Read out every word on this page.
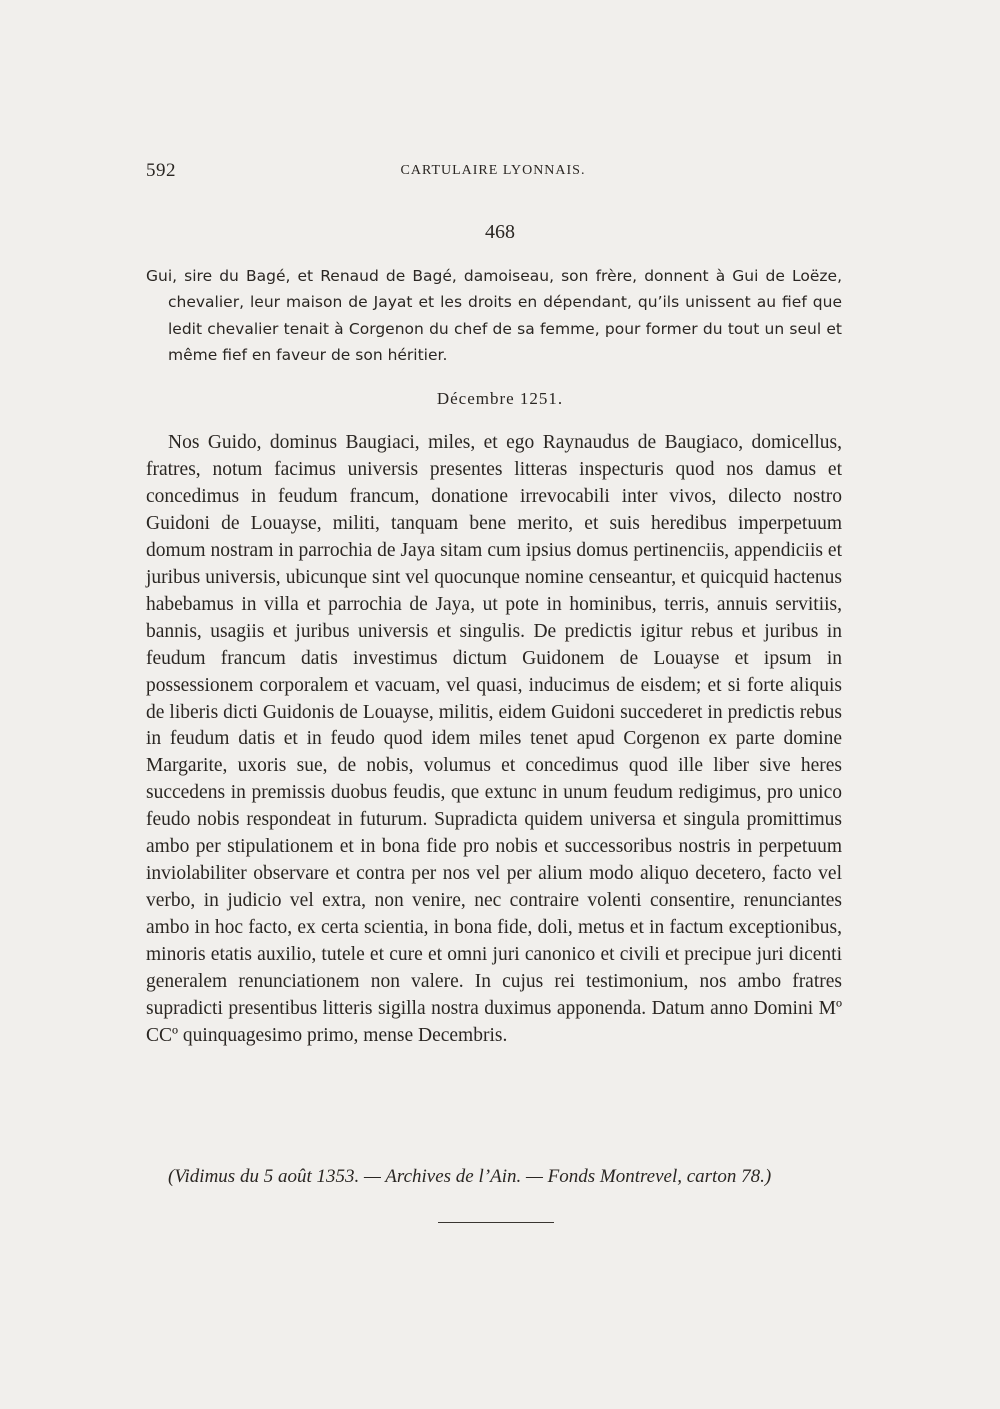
592	CARTULAIRE LYONNAIS.
468

Gui, sire du Bagé, et Renaud de Bagé, damoiseau, son frère, donnent à Gui de Loëze, chevalier, leur maison de Jayat et les droits en dépendant, qu’ils unissent au fief que ledit chevalier tenait à Corgenon du chef de sa femme, pour former du tout un seul et même fief en faveur de son héritier.

Décembre 1251.

Nos Guido, dominus Baugiaci, miles, et ego Raynaudus de Baugiaco, domicellus, fratres, notum facimus universis presentes litteras inspecturis quod nos damus et concedimus in feudum francum, donatione irrevocabili inter vivos, dilecto nostro Guidoni de Louayse, militi, tanquam bene merito, et suis heredibus imperpetuum domum nostram in parrochia de Jaya sitam cum ipsius domus pertinenciis, appendiciis et juribus universis, ubicunque sint vel quocunque nomine censeantur, et quicquid hactenus habebamus in villa et parrochia de Jaya, ut pote in hominibus, terris, annuis servitiis, bannis, usagiis et juribus universis et singulis. De predictis igitur rebus et juribus in feudum francum datis investimus dictum Guidonem de Louayse et ipsum in possessionem corporalem et vacuam, vel quasi, inducimus de eisdem; et si forte aliquis de liberis dicti Guidonis de Louayse, militis, eidem Guidoni succederet in predictis rebus in feudum datis et in feudo quod idem miles tenet apud Corgenon ex parte domine Margarite, uxoris sue, de nobis, volumus et concedimus quod ille liber sive heres succedens in premissis duobus feudis, que extunc in unum feudum redigimus, pro unico feudo nobis respondeat in futurum. Supradicta quidem universa et singula promittimus ambo per stipulationem et in bona fide pro nobis et successoribus nostris in perpetuum inviolabiliter observare et contra per nos vel per alium modo aliquo decetero, facto vel verbo, in judicio vel extra, non venire, nec contraire volenti consentire, renunciantes ambo in hoc facto, ex certa scientia, in bona fide, doli, metus et in factum exceptionibus, minoris etatis auxilio, tutele et cure et omni juri canonico et civili et precipue juri dicenti generalem renunciationem non valere. In cujus rei testimonium, nos ambo fratres supradicti presentibus litteris sigilla nostra duximus apponenda. Datum anno Domini Mº CCº quinquagesimo primo, mense Decembris.

(Vidimus du 5 août 1353. — Archives de l’Ain. — Fonds Montrevel, carton 78.)
